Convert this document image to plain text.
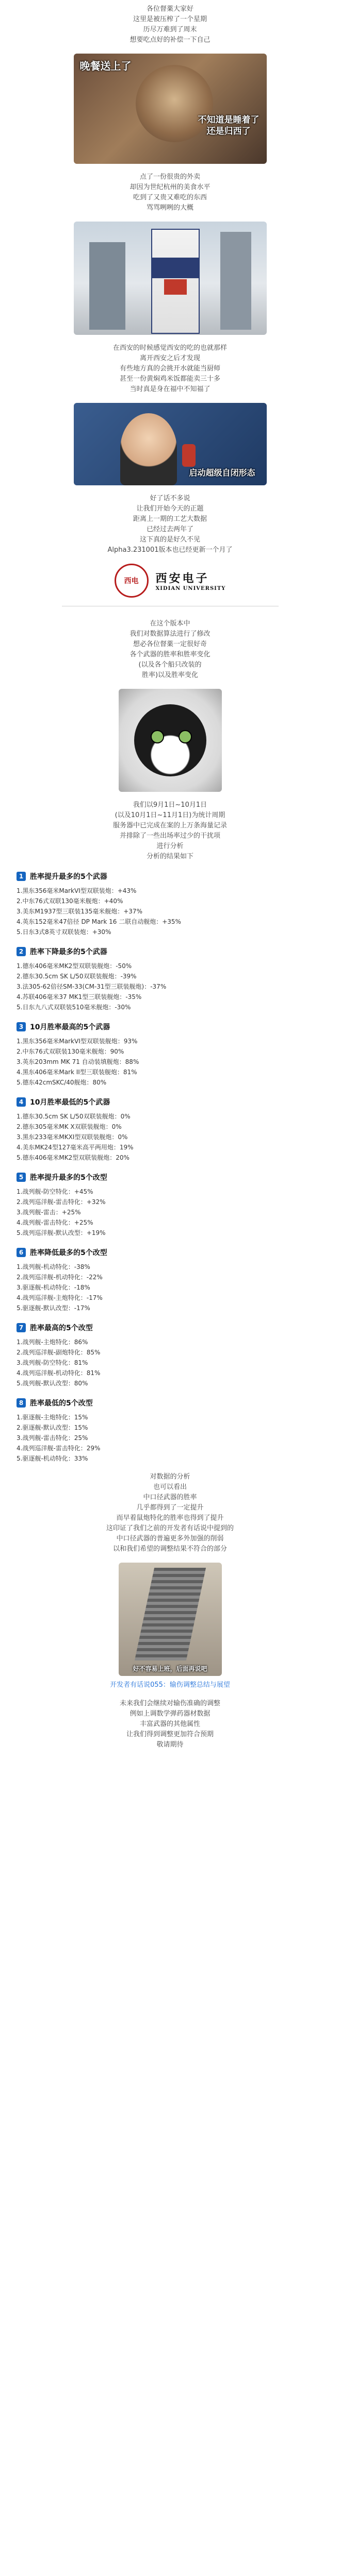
各位督薬大家好

这里是被压榨了一个星期

历尽万难到了周末

想要吃点好的补偿一下自己

晚餐送上了
不知道是睡着了
还是归西了

点了一份很贵的外卖

却因为世纪杭州的美食水平

吃到了又贵又难吃的东西

骂骂咧咧的大概

在西安的时候感觉西安的吃的也就那样

离开西安之后才发现

有些地方真的会挑开水就能当厨师

甚至一份黄焖鸡米饭都能卖三十多

当时真是身在福中不知福了

启动超级自闭形态

好了话不多说

让我们开始今天的正题

距离上一期的工艺大数据

已经过去两年了

这下真的是好久不见

Alpha3.231001版本也已经更新一个月了

西电	西安电子
XIDIAN UNIVERSITY

在这个版本中

我们对数据算法进行了修改

想必各位督薬一定很好奇

各个武器的胜率和胜率变化

(以及各个船只改装的

胜率)以及胜率变化

我们以9月1日~10月1日

(以及10月1日~11月1日)为统计周期

服务器中已完成在案的上万条海量记录

并排除了一些出场率过少的干扰项

进行分析

分析的结果如下

1 胜率提升最多的5个武器

1.黑东356毫米MarkVI型双联装炮：+43%

2.中东76式双联130毫米舰炮：+40%

3.美东M1937型三联装135毫米舰炮：+37%

4.英东152毫米47倍径 DP Mark 16 二联自动舰炮：+35%

5.日东3式8英寸双联装炮：+30%

2 胜率下降最多的5个武器

1.德东406毫米MK2型双联装舰炮：-50%

2.德东30.5cm SK L/50双联装舰炮：-39%

3.法305-62倍径SM-33(CM-31型三联装舰炮)：-37%

4.苏联406毫米37 MK1型三联装舰炮：-35%

5.日东九八式双联装510毫米舰炮：-30%

3 10月胜率最高的5个武器

1.黑东356毫米MarkVI型双联装舰炮：93%

2.中东76式双联装130毫米舰炮：90%

3.英东203mm MK 71 自动装填舰炮：88%

4.黑东406毫米Mark II型三联装舰炮：81%

5.德东42cmSKC/40舰炮：80%

4 10月胜率最低的5个武器

1.德东30.5cm SK L/50双联装舰炮：0%

2.德东305毫米MK X双联装舰炮：0%

3.黑东233毫米MKXI型双联装舰炮：0%

4.美东MK24型127毫米高平两用炮：19%

5.德东406毫米MK2型双联装舰炮：20%

5 胜率提升最多的5个改型

1.战列舰-防空特化：+45%

2.战列巡洋舰-雷击特化：+32%

3.战列舰-雷击：+25%

4.战列舰-雷击特化：+25%

5.战列巡洋舰-默认改型：+19%

6 胜率降低最多的5个改型

1.战列舰-机动特化：-38%

2.战列巡洋舰-机动特化：-22%

3.驱逐舰-机动特化：-18%

4.战列巡洋舰-主炮特化：-17%

5.驱逐舰-默认改型：-17%

7 胜率最高的5个改型

1.战列舰-主炮特化：86%

2.战列巡洋舰-副炮特化：85%

3.战列舰-防空特化：81%

4.战列巡洋舰-机动特化：81%

5.战列舰-默认改型：80%

8 胜率最低的5个改型

1.驱逐舰-主炮特化：15%

2.驱逐舰-默认改型：15%

3.战列舰-雷击特化：25%

4.战列巡洋舰-雷击特化：29%

5.驱逐舰-机动特化：33%

对数据的分析

也可以看出

中口径武器的胜率

几乎都得到了一定提升

而早着鼠炮特化的胜率也得到了提升

这印证了我们之前的开发者有话说中提到的

中口径武器的普遍更多外加强的削弱

以和我们希望的调整结果不符合的部分

好不容易上班，后面再说吧
开发者有话说055：输伤调整总结与展望

未来我们会继续对输伤准确的调整

例如上调数学弹药器材数据

丰富武器的其他属性

让我们得到调整更加符合预期

敬请期待
